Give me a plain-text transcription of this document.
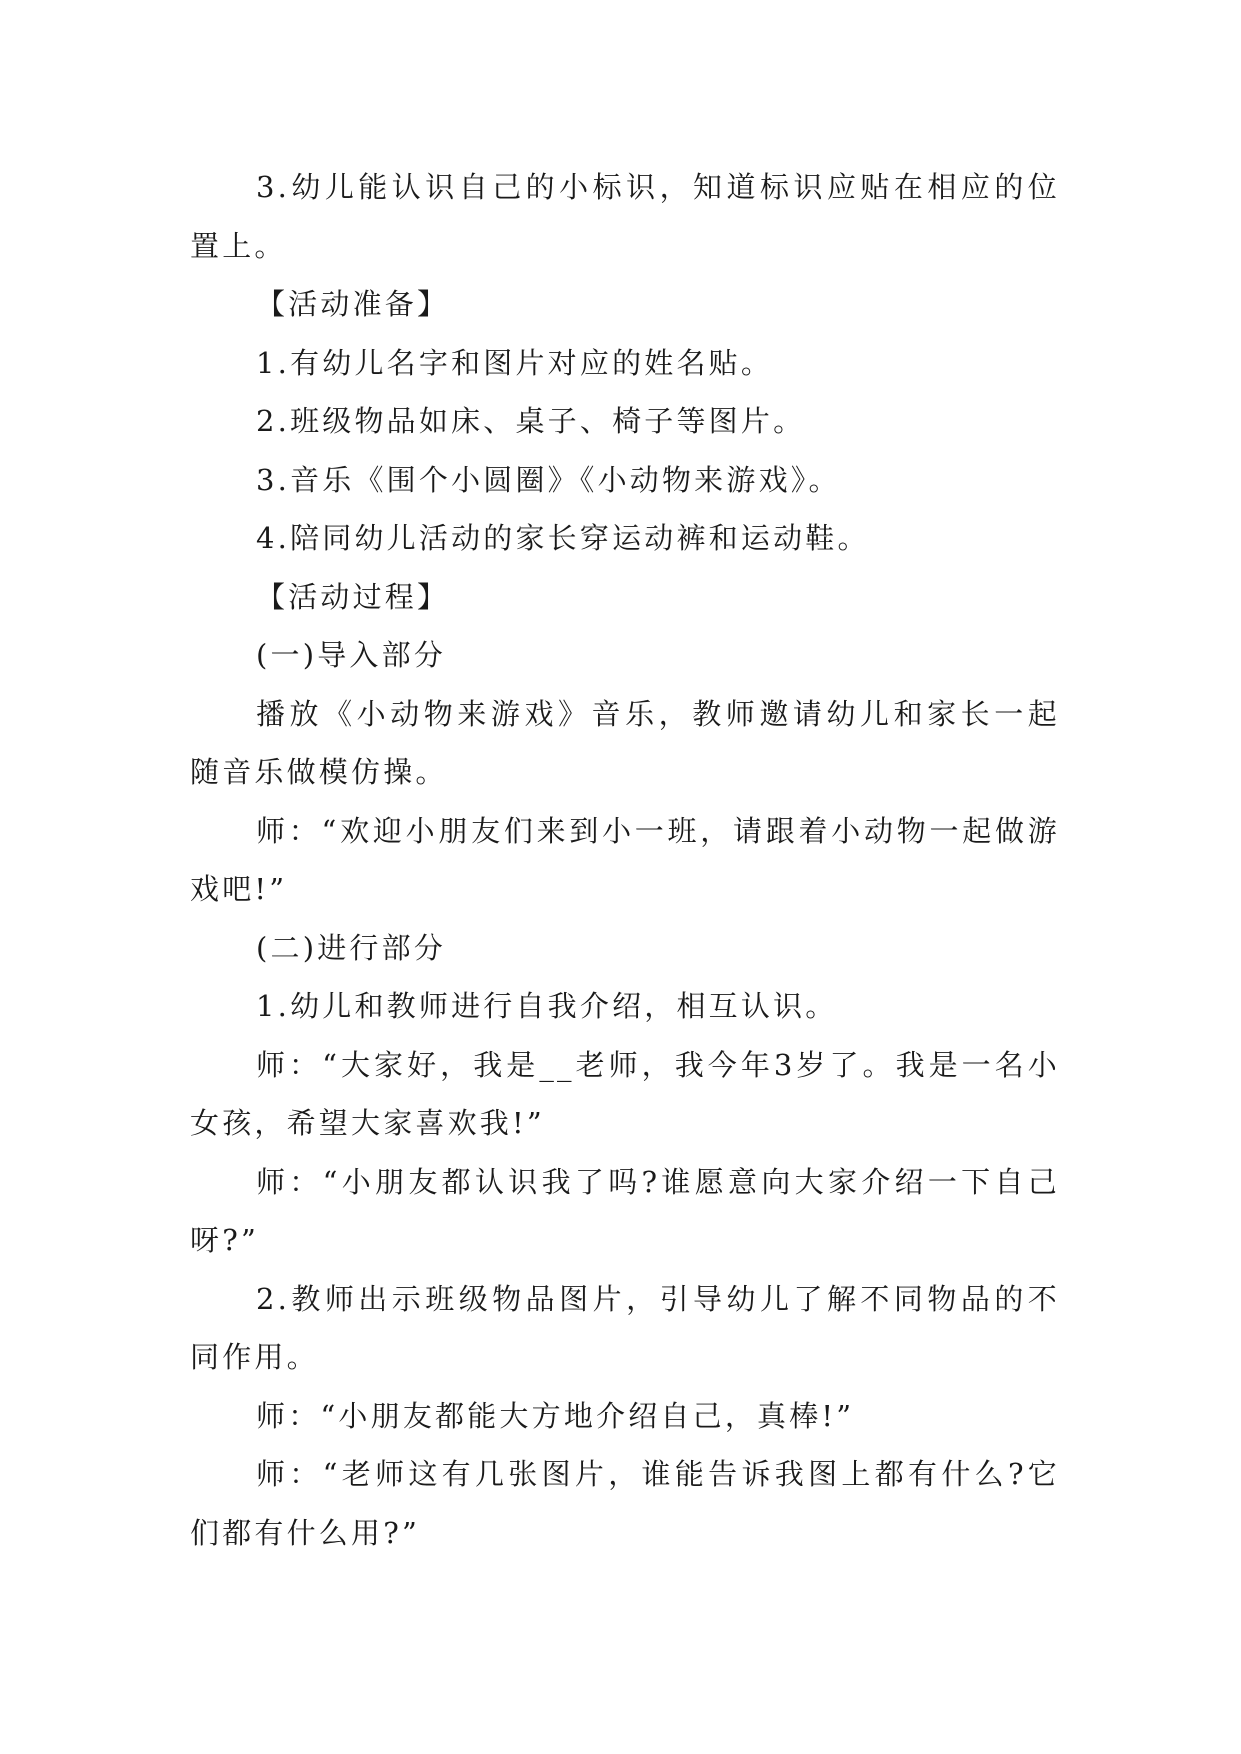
3.幼儿能认识自己的小标识，知道标识应贴在相应的位置上。

【活动准备】

1.有幼儿名字和图片对应的姓名贴。

2.班级物品如床、桌子、椅子等图片。

3.音乐《围个小圆圈》《小动物来游戏》。

4.陪同幼儿活动的家长穿运动裤和运动鞋。

【活动过程】

(一)导入部分

播放《小动物来游戏》音乐，教师邀请幼儿和家长一起随音乐做模仿操。

师：“欢迎小朋友们来到小一班，请跟着小动物一起做游戏吧!”

(二)进行部分

1.幼儿和教师进行自我介绍，相互认识。

师：“大家好，我是__老师，我今年3岁了。我是一名小女孩，希望大家喜欢我!”

师：“小朋友都认识我了吗?谁愿意向大家介绍一下自己呀?”

2.教师出示班级物品图片，引导幼儿了解不同物品的不同作用。

师：“小朋友都能大方地介绍自己，真棒!”

师：“老师这有几张图片，谁能告诉我图上都有什么?它们都有什么用?”
